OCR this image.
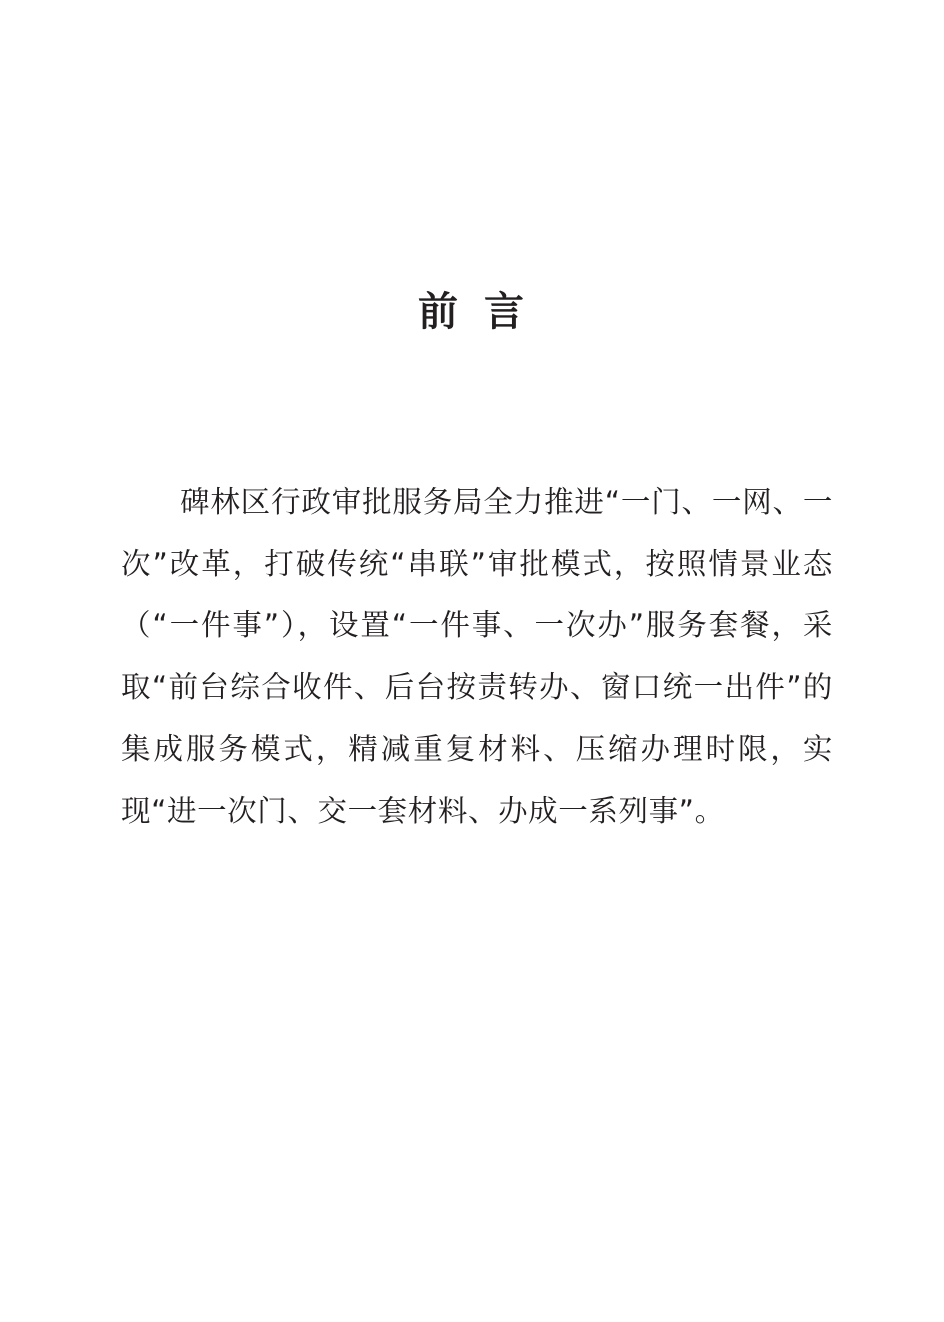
前 言

碑林区行政审批服务局全力推进“一门、一网、一次”改革，打破传统“串联”审批模式，按照情景业态（“一件事”），设置“一件事、一次办”服务套餐，采取“前台综合收件、后台按责转办、窗口统一出件”的集成服务模式，精减重复材料、压缩办理时限，实现“进一次门、交一套材料、办成一系列事”。
